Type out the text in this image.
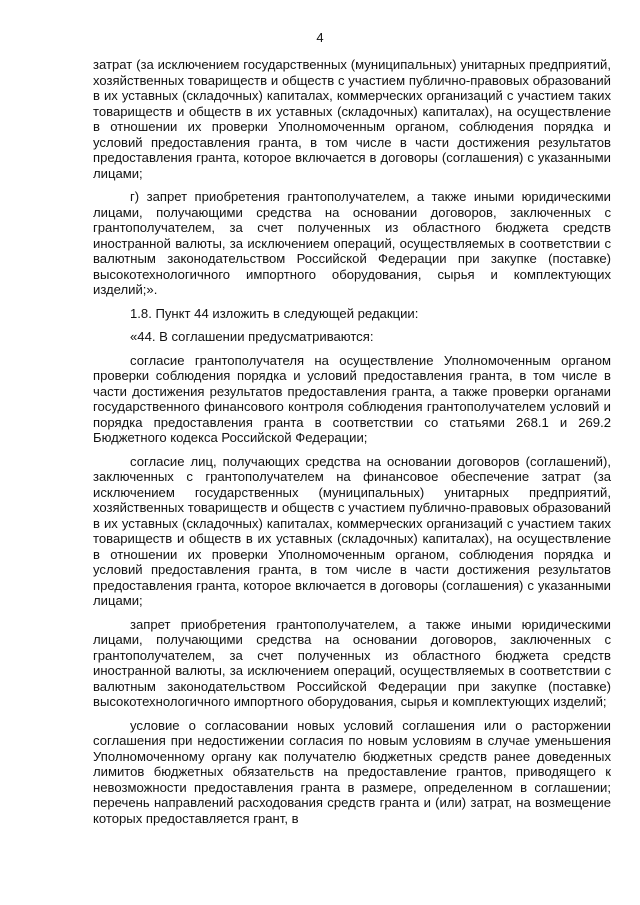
4

затрат (за исключением государственных (муниципальных) унитарных предприятий, хозяйственных товариществ и обществ с участием публично-правовых образований в их уставных (складочных) капиталах, коммерческих организаций с участием таких товариществ и обществ в их уставных (складочных) капиталах), на осуществление в отношении их проверки Уполномоченным органом, соблюдения порядка и условий предоставления гранта, в том числе в части достижения результатов предоставления гранта, которое включается в договоры (соглашения) с указанными лицами;

г) запрет приобретения грантополучателем, а также иными юридическими лицами, получающими средства на основании договоров, заключенных с грантополучателем, за счет полученных из областного бюджета средств иностранной валюты, за исключением операций, осуществляемых в соответствии с валютным законодательством Российской Федерации при закупке (поставке) высокотехнологичного импортного оборудования, сырья и комплектующих изделий;».

1.8. Пункт 44 изложить в следующей редакции:

«44. В соглашении предусматриваются:

согласие грантополучателя на осуществление Уполномоченным органом проверки соблюдения порядка и условий предоставления гранта, в том числе в части достижения результатов предоставления гранта, а также проверки органами государственного финансового контроля соблюдения грантополучателем условий и порядка предоставления гранта в соответствии со статьями 268.1 и 269.2 Бюджетного кодекса Российской Федерации;

согласие лиц, получающих средства на основании договоров (соглашений), заключенных с грантополучателем на финансовое обеспечение затрат (за исключением государственных (муниципальных) унитарных предприятий, хозяйственных товариществ и обществ с участием публично-правовых образований в их уставных (складочных) капиталах, коммерческих организаций с участием таких товариществ и обществ в их уставных (складочных) капиталах), на осуществление в отношении их проверки Уполномоченным органом, соблюдения порядка и условий предоставления гранта, в том числе в части достижения результатов предоставления гранта, которое включается в договоры (соглашения) с указанными лицами;

запрет приобретения грантополучателем, а также иными юридическими лицами, получающими средства на основании договоров, заключенных с грантополучателем, за счет полученных из областного бюджета средств иностранной валюты, за исключением операций, осуществляемых в соответствии с валютным законодательством Российской Федерации при закупке (поставке) высокотехнологичного импортного оборудования, сырья и комплектующих изделий;

условие о согласовании новых условий соглашения или о расторжении соглашения при недостижении согласия по новым условиям в случае уменьшения Уполномоченному органу как получателю бюджетных средств ранее доведенных лимитов бюджетных обязательств на предоставление грантов, приводящего к невозможности предоставления гранта в размере, определенном в соглашении; перечень направлений расходования средств гранта и (или) затрат, на возмещение которых предоставляется грант, в
